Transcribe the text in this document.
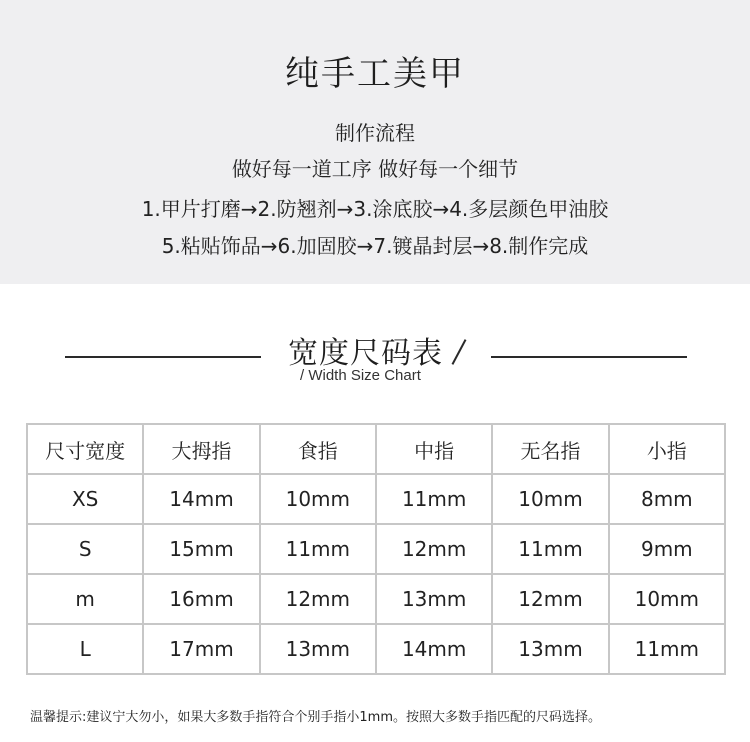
纯手工美甲
制作流程
做好每一道工序 做好每一个细节
1.甲片打磨→2.防翘剂→3.涂底胶→4.多层颜色甲油胶
5.粘贴饰品→6.加固胶→7.镀晶封层→8.制作完成
宽度尺码表
/ Width Size Chart
尺寸宽度	大拇指	食指	中指	无名指	小指
XS	14mm	10mm	11mm	10mm	8mm
S	15mm	11mm	12mm	11mm	9mm
m	16mm	12mm	13mm	12mm	10mm
L	17mm	13mm	14mm	13mm	11mm
温馨提示:建议宁大勿小，如果大多数手指符合个别手指小1mm。按照大多数手指匹配的尺码选择。
